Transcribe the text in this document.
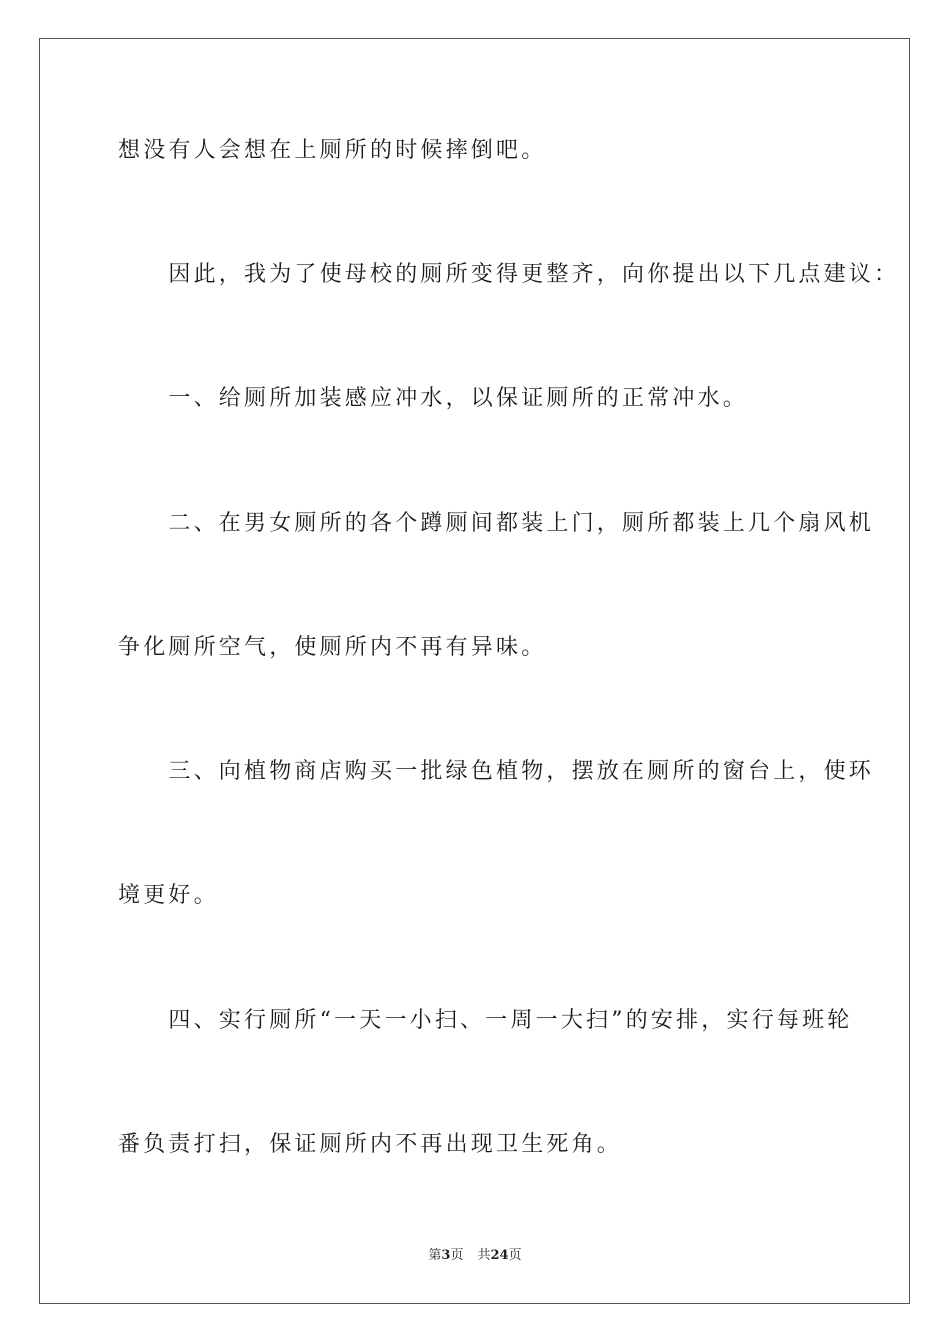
想没有人会想在上厕所的时候摔倒吧。
　　因此，我为了使母校的厕所变得更整齐，向你提出以下几点建议：
　　一、给厕所加装感应冲水，以保证厕所的正常冲水。
　　二、在男女厕所的各个蹲厕间都装上门，厕所都装上几个扇风机
争化厕所空气，使厕所内不再有异味。
　　三、向植物商店购买一批绿色植物，摆放在厕所的窗台上，使环
境更好。
　　四、实行厕所“一天一小扫、一周一大扫”的安排，实行每班轮
番负责打扫，保证厕所内不再出现卫生死角。
第3页 共24页
